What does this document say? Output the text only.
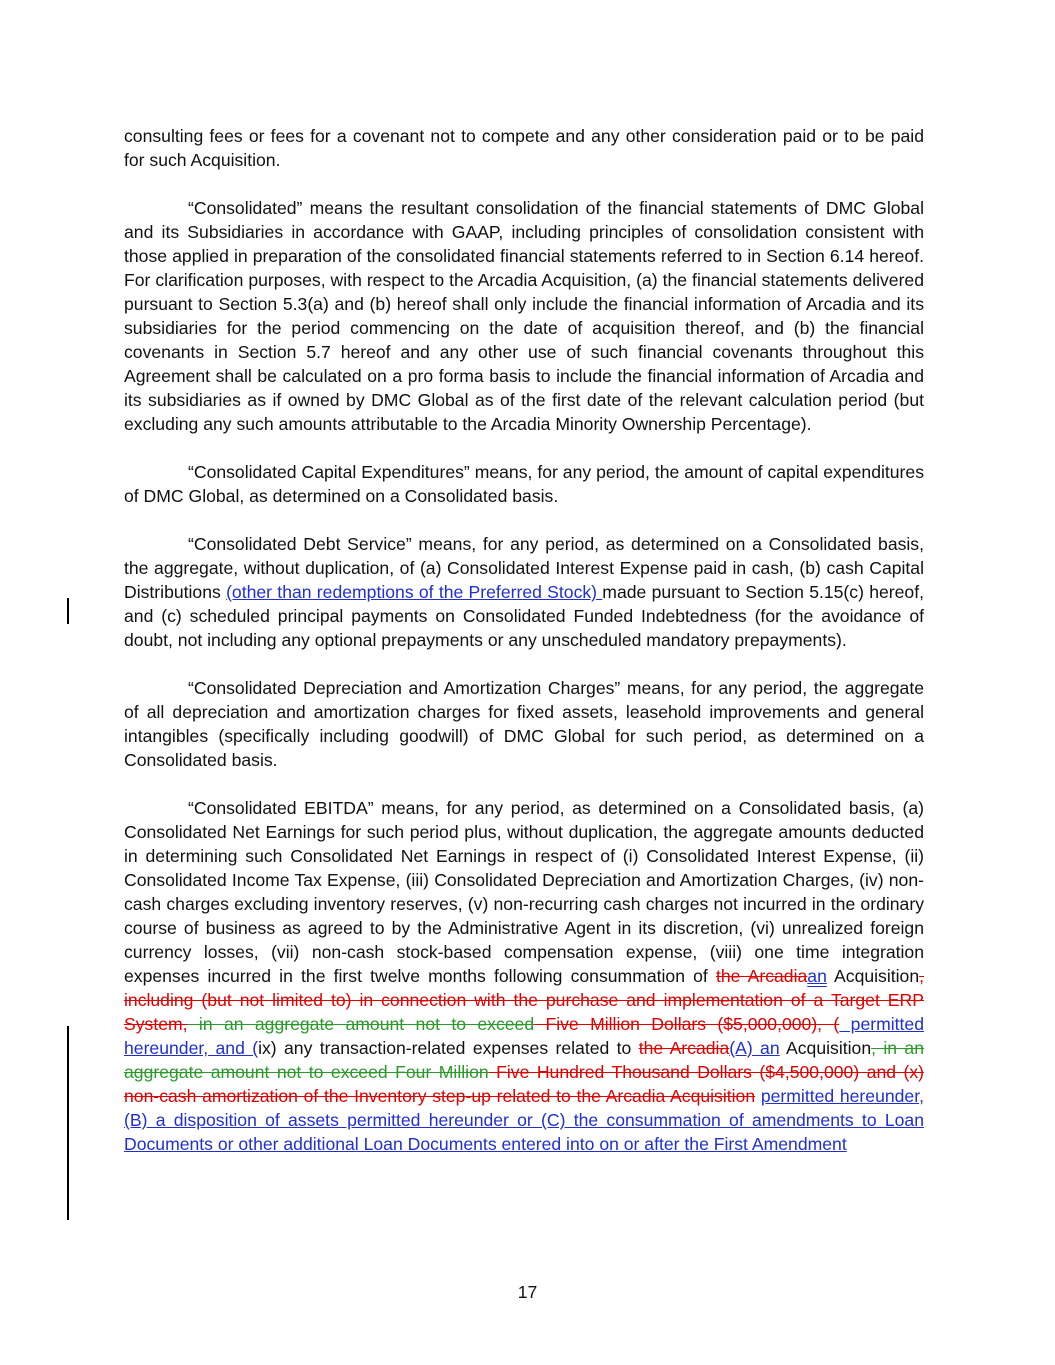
consulting fees or fees for a covenant not to compete and any other consideration paid or to be paid for such Acquisition.

“Consolidated” means the resultant consolidation of the financial statements of DMC Global and its Subsidiaries in accordance with GAAP, including principles of consolidation consistent with those applied in preparation of the consolidated financial statements referred to in Section 6.14 hereof. For clarification purposes, with respect to the Arcadia Acquisition, (a) the financial statements delivered pursuant to Section 5.3(a) and (b) hereof shall only include the financial information of Arcadia and its subsidiaries for the period commencing on the date of acquisition thereof, and (b) the financial covenants in Section 5.7 hereof and any other use of such financial covenants throughout this Agreement shall be calculated on a pro forma basis to include the financial information of Arcadia and its subsidiaries as if owned by DMC Global as of the first date of the relevant calculation period (but excluding any such amounts attributable to the Arcadia Minority Ownership Percentage).

“Consolidated Capital Expenditures” means, for any period, the amount of capital expenditures of DMC Global, as determined on a Consolidated basis.

“Consolidated Debt Service” means, for any period, as determined on a Consolidated basis, the aggregate, without duplication, of (a) Consolidated Interest Expense paid in cash, (b) cash Capital Distributions (other than redemptions of the Preferred Stock) made pursuant to Section 5.15(c) hereof, and (c) scheduled principal payments on Consolidated Funded Indebtedness (for the avoidance of doubt, not including any optional prepayments or any unscheduled mandatory prepayments).

“Consolidated Depreciation and Amortization Charges” means, for any period, the aggregate of all depreciation and amortization charges for fixed assets, leasehold improvements and general intangibles (specifically including goodwill) of DMC Global for such period, as determined on a Consolidated basis.

“Consolidated EBITDA” means, for any period, as determined on a Consolidated basis, (a) Consolidated Net Earnings for such period plus, without duplication, the aggregate amounts deducted in determining such Consolidated Net Earnings in respect of (i) Consolidated Interest Expense, (ii) Consolidated Income Tax Expense, (iii) Consolidated Depreciation and Amortization Charges, (iv) non-cash charges excluding inventory reserves, (v) non-recurring cash charges not incurred in the ordinary course of business as agreed to by the Administrative Agent in its discretion, (vi) unrealized foreign currency losses, (vii) non-cash stock-based compensation expense, (viii) one time integration expenses incurred in the first twelve months following consummation of the Arcadiaan Acquisition, including (but not limited to) in connection with the purchase and implementation of a Target ERP System, in an aggregate amount not to exceed Five Million Dollars ($5,000,000), ( permitted hereunder, and (ix) any transaction-related expenses related to the Arcadia(A) an Acquisition, in an aggregate amount not to exceed Four Million Five Hundred Thousand Dollars ($4,500,000) and (x) non-cash amortization of the Inventory step-up related to the Arcadia Acquisition permitted hereunder, (B) a disposition of assets permitted hereunder or (C) the consummation of amendments to Loan Documents or other additional Loan Documents entered into on or after the First Amendment

17
